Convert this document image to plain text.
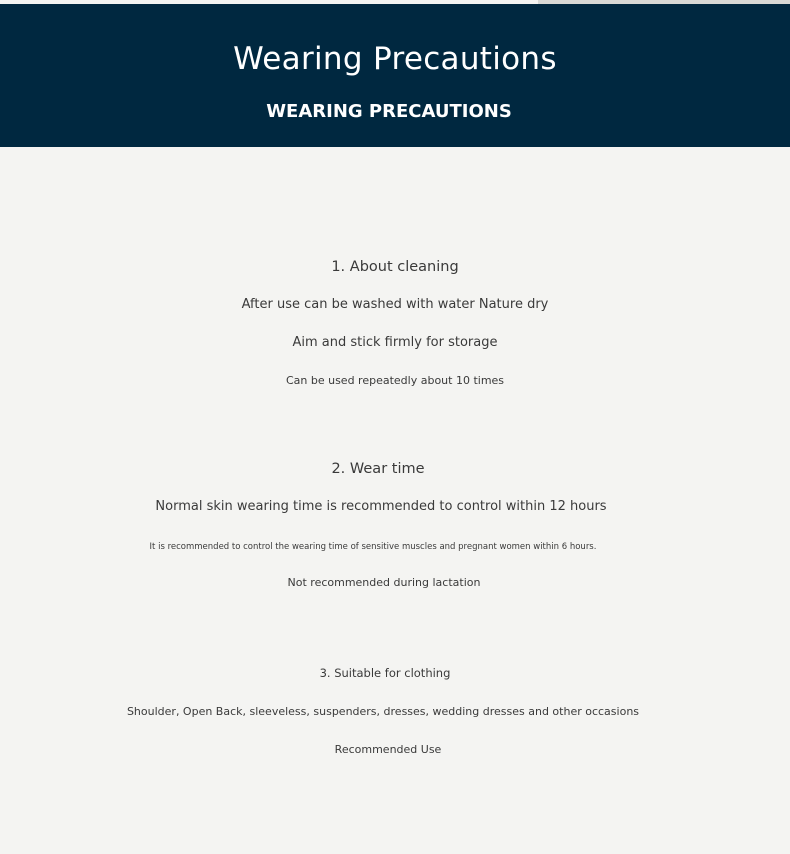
Wearing Precautions
WEARING PRECAUTIONS

1. About cleaning

After use can be washed with water Nature dry

Aim and stick firmly for storage

Can be used repeatedly about 10 times

2. Wear time

Normal skin wearing time is recommended to control within 12 hours

It is recommended to control the wearing time of sensitive muscles and pregnant women within 6 hours.

Not recommended during lactation

3. Suitable for clothing

Shoulder, Open Back, sleeveless, suspenders, dresses, wedding dresses and other occasions

Recommended Use
